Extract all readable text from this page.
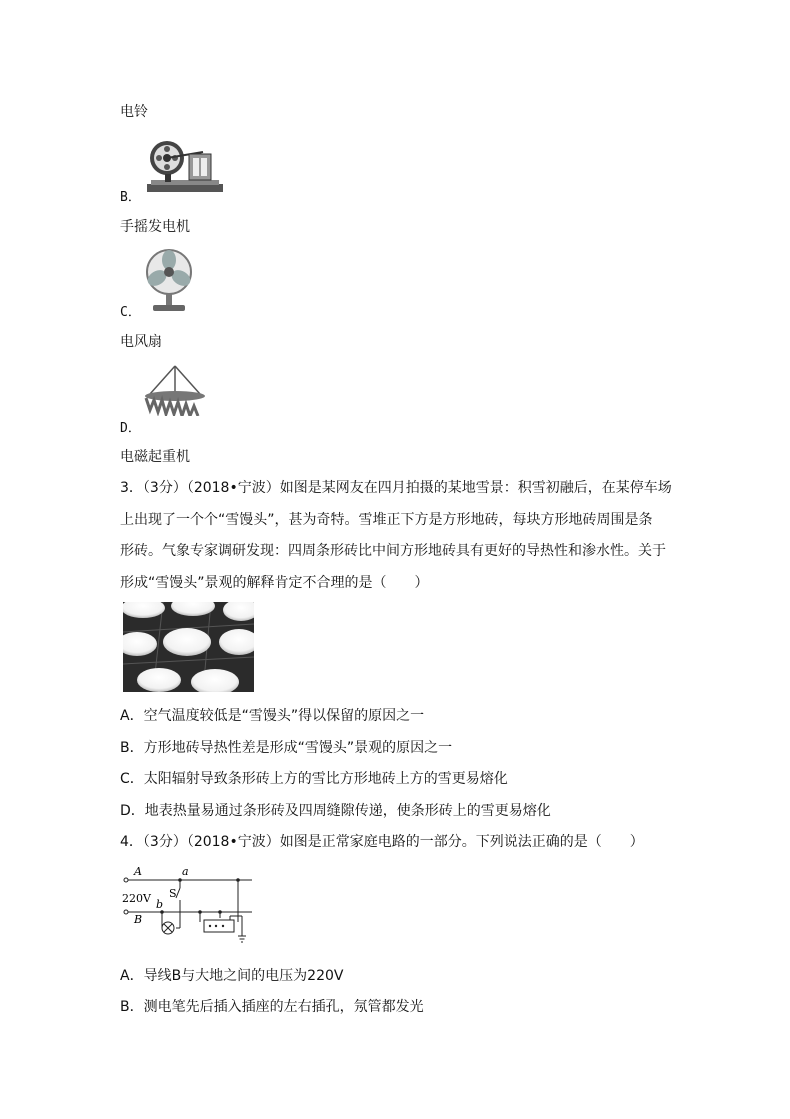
电铃
B．
手摇发电机
C．
电风扇
D．
电磁起重机
3．（3分）（2018•宁波）如图是某网友在四月拍摄的某地雪景：积雪初融后，在某停车场
上出现了一个个“雪馒头”，甚为奇特。雪堆正下方是方形地砖，每块方形地砖周围是条
形砖。气象专家调研发现：四周条形砖比中间方形地砖具有更好的导热性和渗水性。关于
形成“雪馒头”景观的解释肯定不合理的是（　　）
A．空气温度较低是“雪馒头”得以保留的原因之一
B．方形地砖导热性差是形成“雪馒头”景观的原因之一
C．太阳辐射导致条形砖上方的雪比方形地砖上方的雪更易熔化
D．地表热量易通过条形砖及四周缝隙传递，使条形砖上的雪更易熔化
4．（3分）（2018•宁波）如图是正常家庭电路的一部分。下列说法正确的是（　　）
A
220V
B
a
b
S
A．导线B与大地之间的电压为220V
B．测电笔先后插入插座的左右插孔，氖管都发光
